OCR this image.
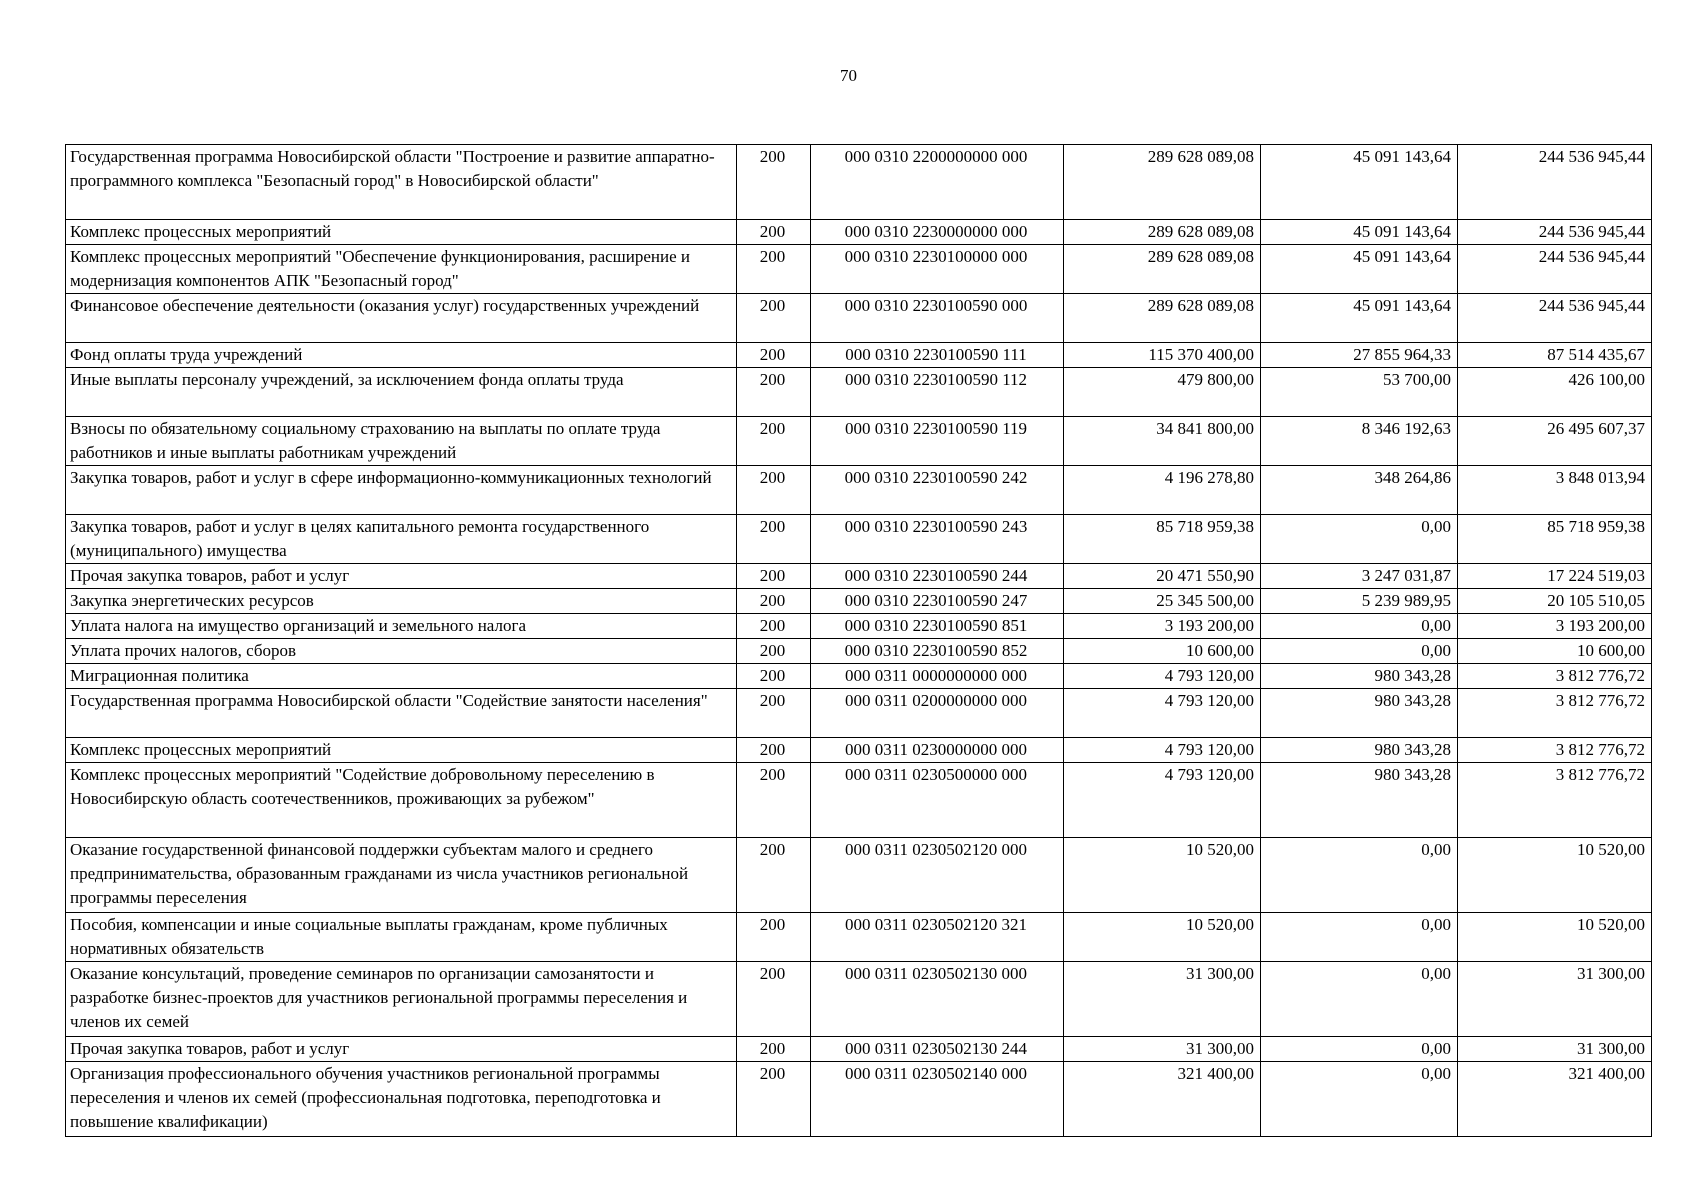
70
Государственная программа Новосибирской области "Построение и развитие аппаратно-программного комплекса "Безопасный город" в Новосибирской области"	200	000 0310 2200000000 000	289 628 089,08	45 091 143,64	244 536 945,44
Комплекс процессных мероприятий	200	000 0310 2230000000 000	289 628 089,08	45 091 143,64	244 536 945,44
Комплекс процессных мероприятий "Обеспечение функционирования, расширение и модернизация компонентов АПК "Безопасный город"	200	000 0310 2230100000 000	289 628 089,08	45 091 143,64	244 536 945,44
Финансовое обеспечение деятельности (оказания услуг) государственных учреждений	200	000 0310 2230100590 000	289 628 089,08	45 091 143,64	244 536 945,44
Фонд оплаты труда учреждений	200	000 0310 2230100590 111	115 370 400,00	27 855 964,33	87 514 435,67
Иные выплаты персоналу учреждений, за исключением фонда оплаты труда	200	000 0310 2230100590 112	479 800,00	53 700,00	426 100,00
Взносы по обязательному социальному страхованию на выплаты по оплате труда работников и иные выплаты работникам учреждений	200	000 0310 2230100590 119	34 841 800,00	8 346 192,63	26 495 607,37
Закупка товаров, работ и услуг в сфере информационно-коммуникационных технологий	200	000 0310 2230100590 242	4 196 278,80	348 264,86	3 848 013,94
Закупка товаров, работ и услуг в целях капитального ремонта государственного (муниципального) имущества	200	000 0310 2230100590 243	85 718 959,38	0,00	85 718 959,38
Прочая закупка товаров, работ и услуг	200	000 0310 2230100590 244	20 471 550,90	3 247 031,87	17 224 519,03
Закупка энергетических ресурсов	200	000 0310 2230100590 247	25 345 500,00	5 239 989,95	20 105 510,05
Уплата налога на имущество организаций и земельного налога	200	000 0310 2230100590 851	3 193 200,00	0,00	3 193 200,00
Уплата прочих налогов, сборов	200	000 0310 2230100590 852	10 600,00	0,00	10 600,00
Миграционная политика	200	000 0311 0000000000 000	4 793 120,00	980 343,28	3 812 776,72
Государственная программа Новосибирской области "Содействие занятости населения"	200	000 0311 0200000000 000	4 793 120,00	980 343,28	3 812 776,72
Комплекс процессных мероприятий	200	000 0311 0230000000 000	4 793 120,00	980 343,28	3 812 776,72
Комплекс процессных мероприятий "Содействие добровольному переселению в Новосибирскую область соотечественников, проживающих за рубежом"	200	000 0311 0230500000 000	4 793 120,00	980 343,28	3 812 776,72
Оказание государственной финансовой поддержки субъектам малого и среднего предпринимательства, образованным гражданами из числа участников региональной программы переселения	200	000 0311 0230502120 000	10 520,00	0,00	10 520,00
Пособия, компенсации и иные социальные выплаты гражданам, кроме публичных нормативных обязательств	200	000 0311 0230502120 321	10 520,00	0,00	10 520,00
Оказание консультаций, проведение семинаров по организации самозанятости и разработке бизнес-проектов для участников региональной программы переселения и членов их семей	200	000 0311 0230502130 000	31 300,00	0,00	31 300,00
Прочая закупка товаров, работ и услуг	200	000 0311 0230502130 244	31 300,00	0,00	31 300,00
Организация профессионального обучения участников региональной программы переселения и членов их семей (профессиональная подготовка, переподготовка и повышение квалификации)	200	000 0311 0230502140 000	321 400,00	0,00	321 400,00
